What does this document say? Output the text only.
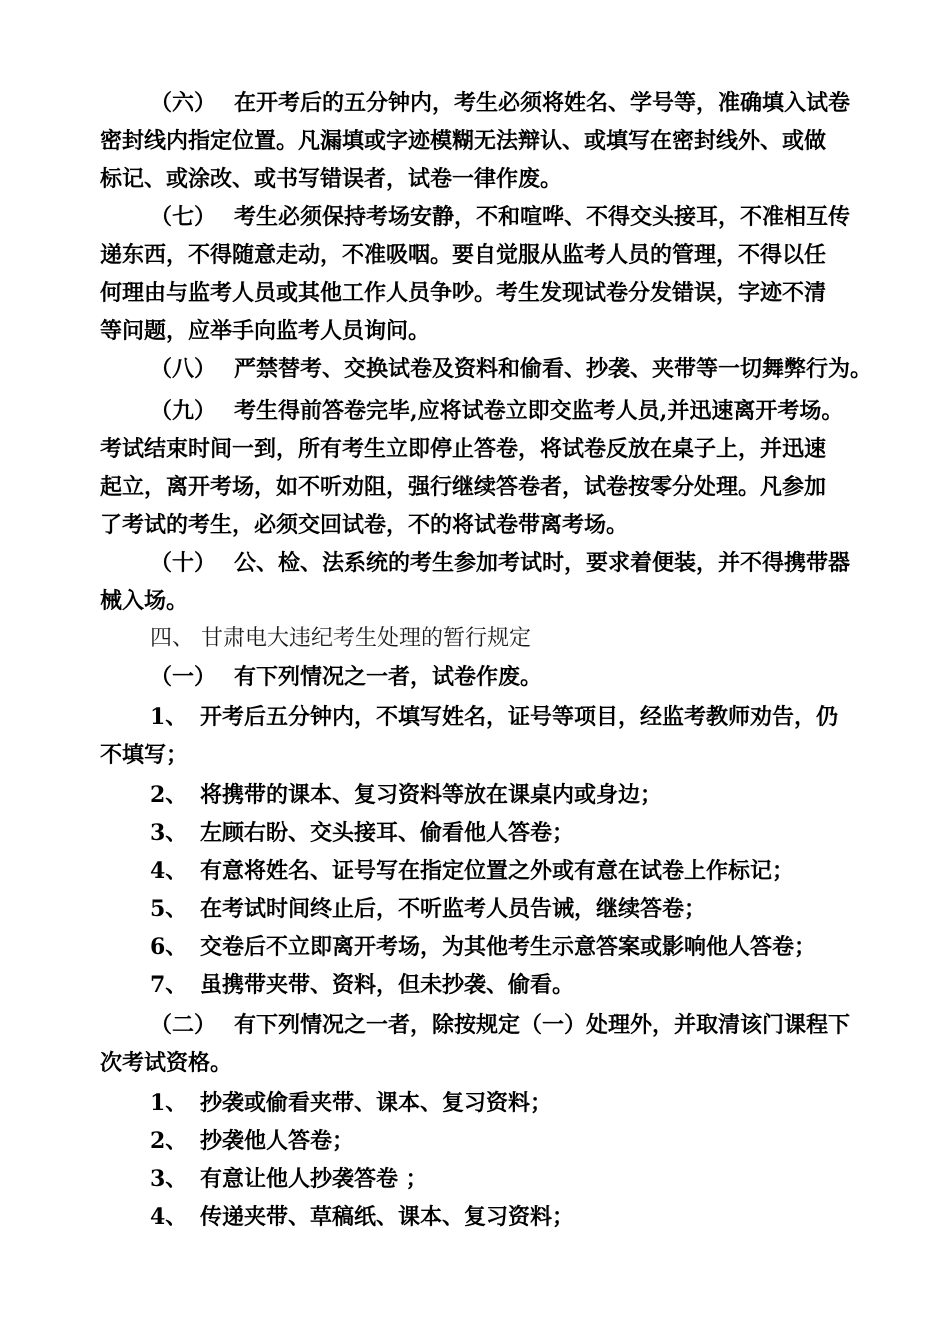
（六） 在开考后的五分钟内，考生必须将姓名、学号等，准确填入试卷
密封线内指定位置。凡漏填或字迹模糊无法辩认、或填写在密封线外、或做
标记、或涂改、或书写错误者，试卷一律作废。
（七） 考生必须保持考场安静，不和喧哗、不得交头接耳，不准相互传
递东西，不得随意走动，不准吸咽。要自觉服从监考人员的管理，不得以任
何理由与监考人员或其他工作人员争吵。考生发现试卷分发错误，字迹不清
等问题，应举手向监考人员询问。
（八） 严禁替考、交换试卷及资料和偷看、抄袭、夹带等一切舞弊行为。
（九） 考生得前答卷完毕,应将试卷立即交监考人员,并迅速离开考场。
考试结束时间一到，所有考生立即停止答卷，将试卷反放在桌子上，并迅速
起立，离开考场，如不听劝阻，强行继续答卷者，试卷按零分处理。凡参加
了考试的考生，必须交回试卷，不的将试卷带离考场。
（十） 公、检、法系统的考生参加考试时，要求着便装，并不得携带器
械入场。
四、 甘肃电大违纪考生处理的暂行规定
（一） 有下列情况之一者，试卷作废。
1、 开考后五分钟内，不填写姓名，证号等项目，经监考教师劝告，仍
不填写；
2、 将携带的课本、复习资料等放在课桌内或身边；
3、 左顾右盼、交头接耳、偷看他人答卷；
4、 有意将姓名、证号写在指定位置之外或有意在试卷上作标记；
5、 在考试时间终止后，不听监考人员告诫，继续答卷；
6、 交卷后不立即离开考场，为其他考生示意答案或影响他人答卷；
7、 虽携带夹带、资料，但未抄袭、偷看。
（二） 有下列情况之一者，除按规定（一）处理外，并取清该门课程下
次考试资格。
1、 抄袭或偷看夹带、课本、复习资料；
2、 抄袭他人答卷；
3、 有意让他人抄袭答卷 ；
4、 传递夹带、草稿纸、课本、复习资料；
